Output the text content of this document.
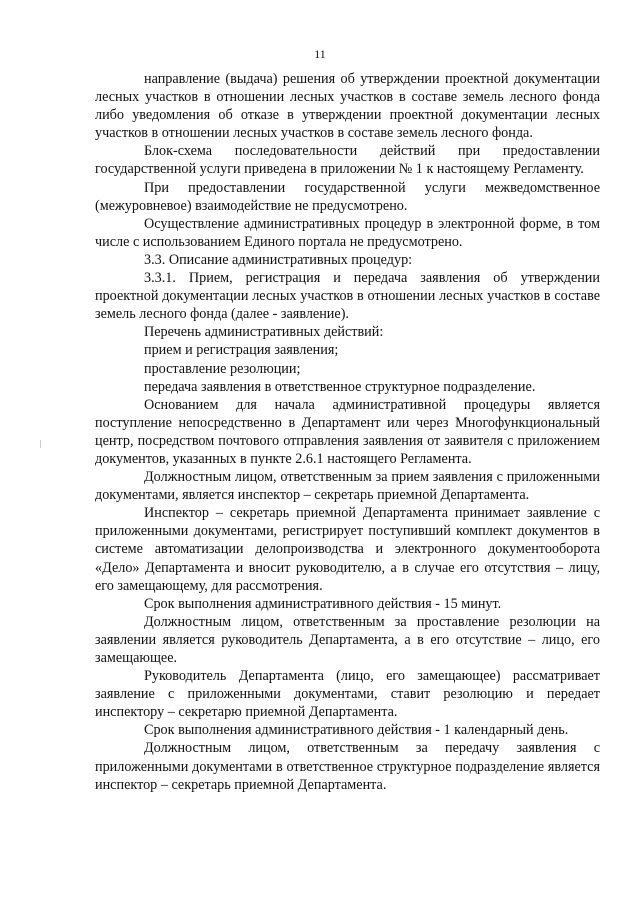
11

направление (выдача) решения об утверждении проектной документации лесных участков в отношении лесных участков в составе земель лесного фонда либо уведомления об отказе в утверждении проектной документации лесных участков в отношении лесных участков в составе земель лесного фонда.

Блок-схема последовательности действий при предоставлении государственной услуги приведена в приложении № 1 к настоящему Регламенту.

При предоставлении государственной услуги межведомственное (межуровневое) взаимодействие не предусмотрено.

Осуществление административных процедур в электронной форме, в том числе с использованием Единого портала не предусмотрено.

3.3. Описание административных процедур:

3.3.1. Прием, регистрация и передача заявления об утверждении проектной документации лесных участков в отношении лесных участков в составе земель лесного фонда (далее - заявление).

Перечень административных действий:

прием и регистрация заявления;

проставление резолюции;

передача заявления в ответственное структурное подразделение.

Основанием для начала административной процедуры является поступление непосредственно в Департамент или через Многофункциональный центр, посредством почтового отправления заявления от заявителя с приложением документов, указанных в пункте 2.6.1 настоящего Регламента.

Должностным лицом, ответственным за прием заявления с приложенными документами, является инспектор – секретарь приемной Департамента.

Инспектор – секретарь приемной Департамента принимает заявление с приложенными документами, регистрирует поступивший комплект документов в системе автоматизации делопроизводства и электронного документооборота «Дело» Департамента и вносит руководителю, а в случае его отсутствия – лицу, его замещающему, для рассмотрения.

Срок выполнения административного действия - 15 минут.

Должностным лицом, ответственным за проставление резолюции на заявлении является руководитель Департамента, а в его отсутствие – лицо, его замещающее.

Руководитель Департамента (лицо, его замещающее) рассматривает заявление с приложенными документами, ставит резолюцию и передает инспектору – секретарю приемной Департамента.

Срок выполнения административного действия - 1 календарный день.

Должностным лицом, ответственным за передачу заявления с приложенными документами в ответственное структурное подразделение является инспектор – секретарь приемной Департамента.
